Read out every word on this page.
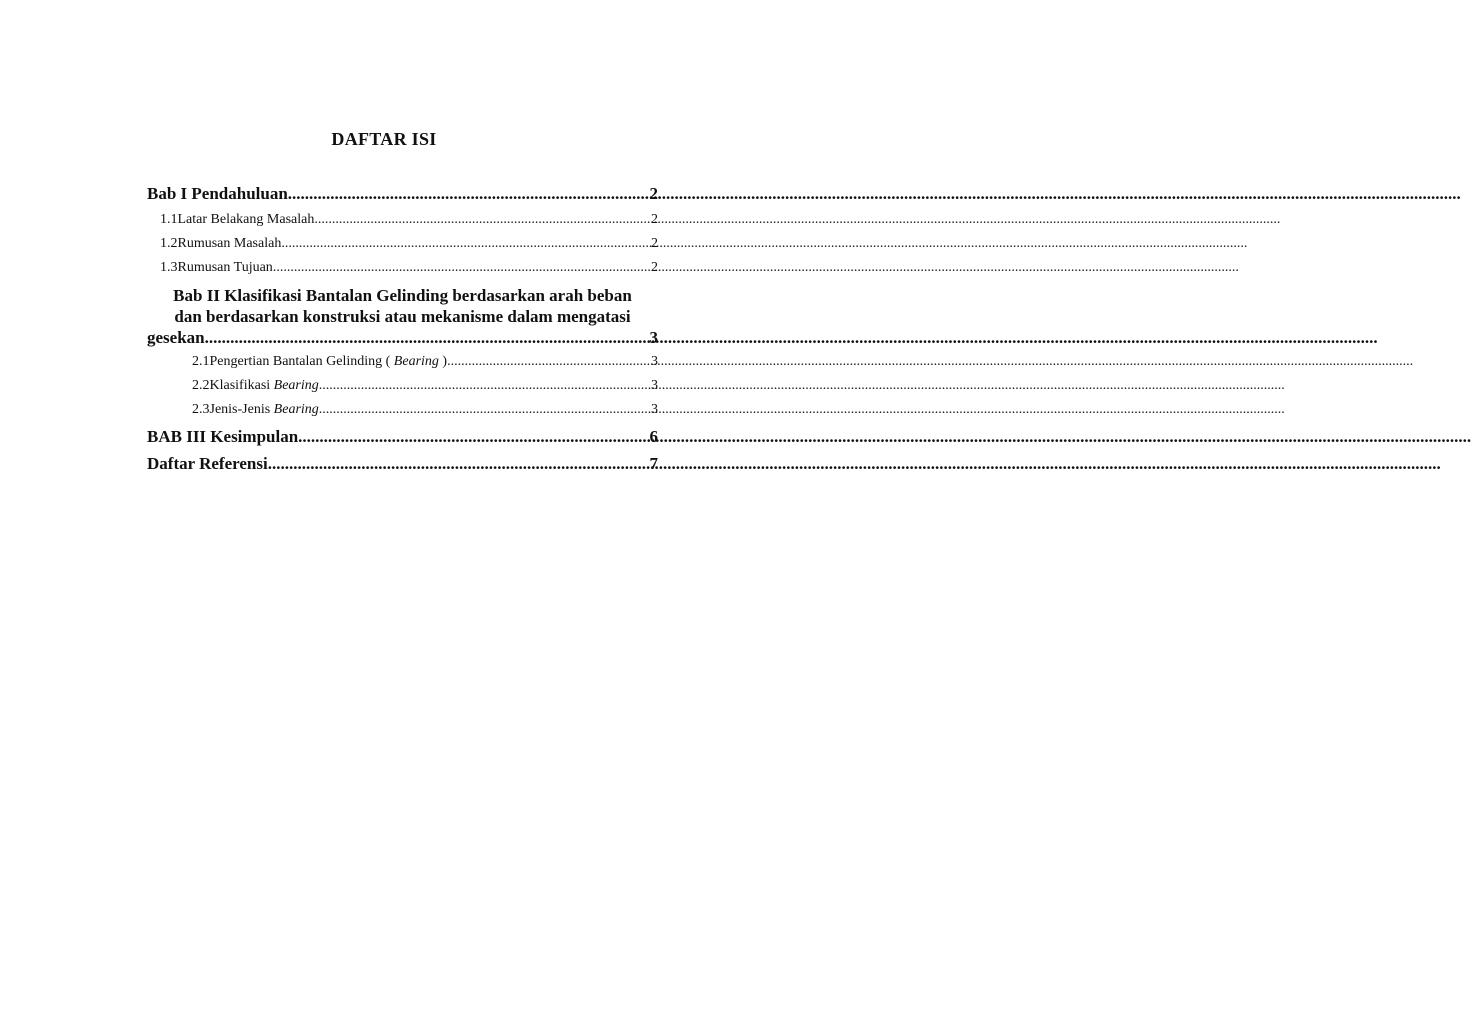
DAFTAR ISI
Bab I Pendahuluan .....	2
1.1 Latar Belakang Masalah .....	2
1.2 Rumusan Masalah .....	2
1.3 Rumusan Tujuan .....	2
Bab II Klasifikasi Bantalan Gelinding berdasarkan arah beban
dan berdasarkan konstruksi atau mekanisme dalam mengatasi
gesekan .....	3
2.1 Pengertian Bantalan Gelinding ( Bearing ) .....	3
2.2 Klasifikasi Bearing .....	3
2.3 Jenis-Jenis Bearing .....	3
BAB III Kesimpulan .....	6
Daftar Referensi .....	7
